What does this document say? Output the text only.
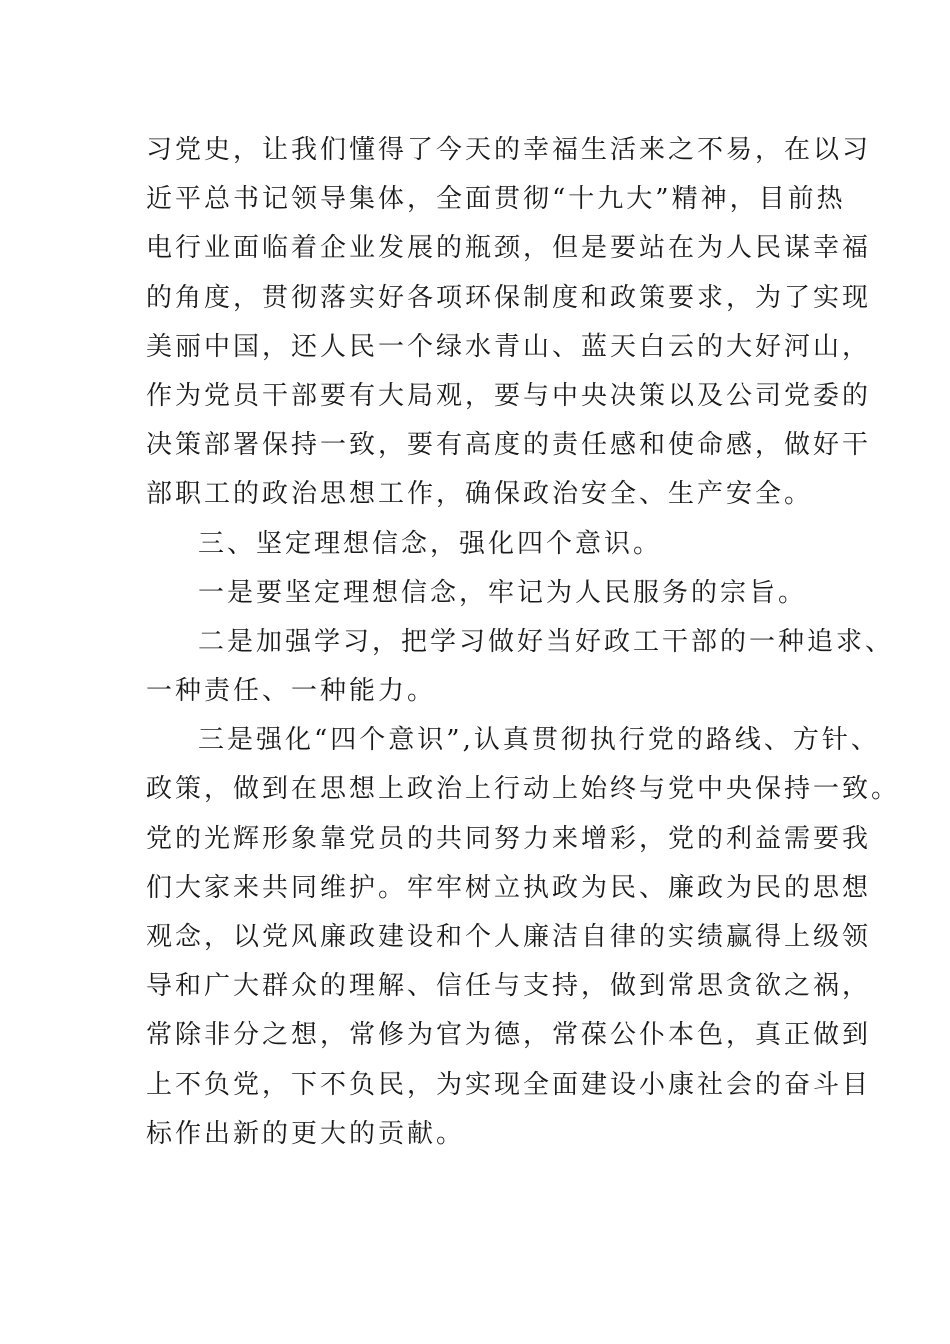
习党史，让我们懂得了今天的幸福生活来之不易，在以习
近平总书记领导集体，全面贯彻“十九大”精神，目前热
电行业面临着企业发展的瓶颈，但是要站在为人民谋幸福
的角度，贯彻落实好各项环保制度和政策要求，为了实现
美丽中国，还人民一个绿水青山、蓝天白云的大好河山，
作为党员干部要有大局观，要与中央决策以及公司党委的
决策部署保持一致，要有高度的责任感和使命感，做好干
部职工的政治思想工作，确保政治安全、生产安全。
三、坚定理想信念，强化四个意识。
一是要坚定理想信念，牢记为人民服务的宗旨。
二是加强学习，把学习做好当好政工干部的一种追求、
一种责任、一种能力。
三是强化“四个意识”,认真贯彻执行党的路线、方针、
政策，做到在思想上政治上行动上始终与党中央保持一致。
党的光辉形象靠党员的共同努力来增彩，党的利益需要我
们大家来共同维护。牢牢树立执政为民、廉政为民的思想
观念，以党风廉政建设和个人廉洁自律的实绩赢得上级领
导和广大群众的理解、信任与支持，做到常思贪欲之祸，
常除非分之想，常修为官为德，常葆公仆本色，真正做到
上不负党，下不负民，为实现全面建设小康社会的奋斗目
标作出新的更大的贡献。
